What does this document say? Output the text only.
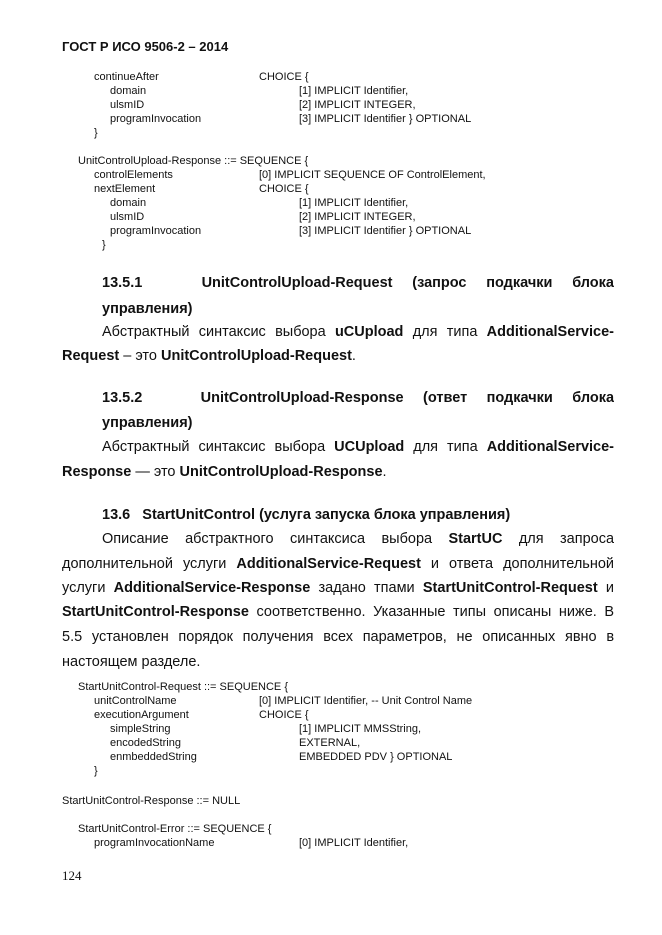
ГОСТ Р ИСО 9506-2 – 2014
continueAfter	CHOICE {
domain	[1] IMPLICIT Identifier,
ulsmID	[2] IMPLICIT INTEGER,
programInvocation	[3] IMPLICIT Identifier } OPTIONAL
}
UnitControlUpload-Response ::= SEQUENCE {
controlElements	[0] IMPLICIT SEQUENCE OF ControlElement,
nextElement	CHOICE {
domain	[1] IMPLICIT Identifier,
ulsmID	[2] IMPLICIT INTEGER,
programInvocation	[3] IMPLICIT Identifier } OPTIONAL
}
13.5.1	UnitControlUpload-Request (запрос подкачки блока
управления)
Абстрактный синтаксис выбора uCUpload для типа AdditionalService-
Request – это UnitControlUpload-Request.
13.5.2	UnitControlUpload-Response (ответ подкачки блока
управления)
Абстрактный синтаксис выбора UCUpload для типа AdditionalService-
Response — это UnitControlUpload-Response.
13.6   StartUnitControl (услуга запуска блока управления)
Описание абстрактного синтаксиса выбора StartUC для запроса
дополнительной услуги AdditionalService-Request и ответа дополнительной
услуги AdditionalService-Response задано тпами StartUnitControl-Request и
StartUnitControl-Response соответственно. Указанные типы описаны ниже. В
5.5 установлен порядок получения всех параметров, не описанных явно в
настоящем разделе.
StartUnitControl-Request ::= SEQUENCE {
unitControlName	[0] IMPLICIT Identifier, -- Unit Control Name
executionArgument	CHOICE {
simpleString	[1] IMPLICIT MMSString,
encodedString	EXTERNAL,
enmbeddedString	EMBEDDED PDV } OPTIONAL
}
StartUnitControl-Response ::= NULL
StartUnitControl-Error ::= SEQUENCE {
programInvocationName	[0] IMPLICIT Identifier,
124
